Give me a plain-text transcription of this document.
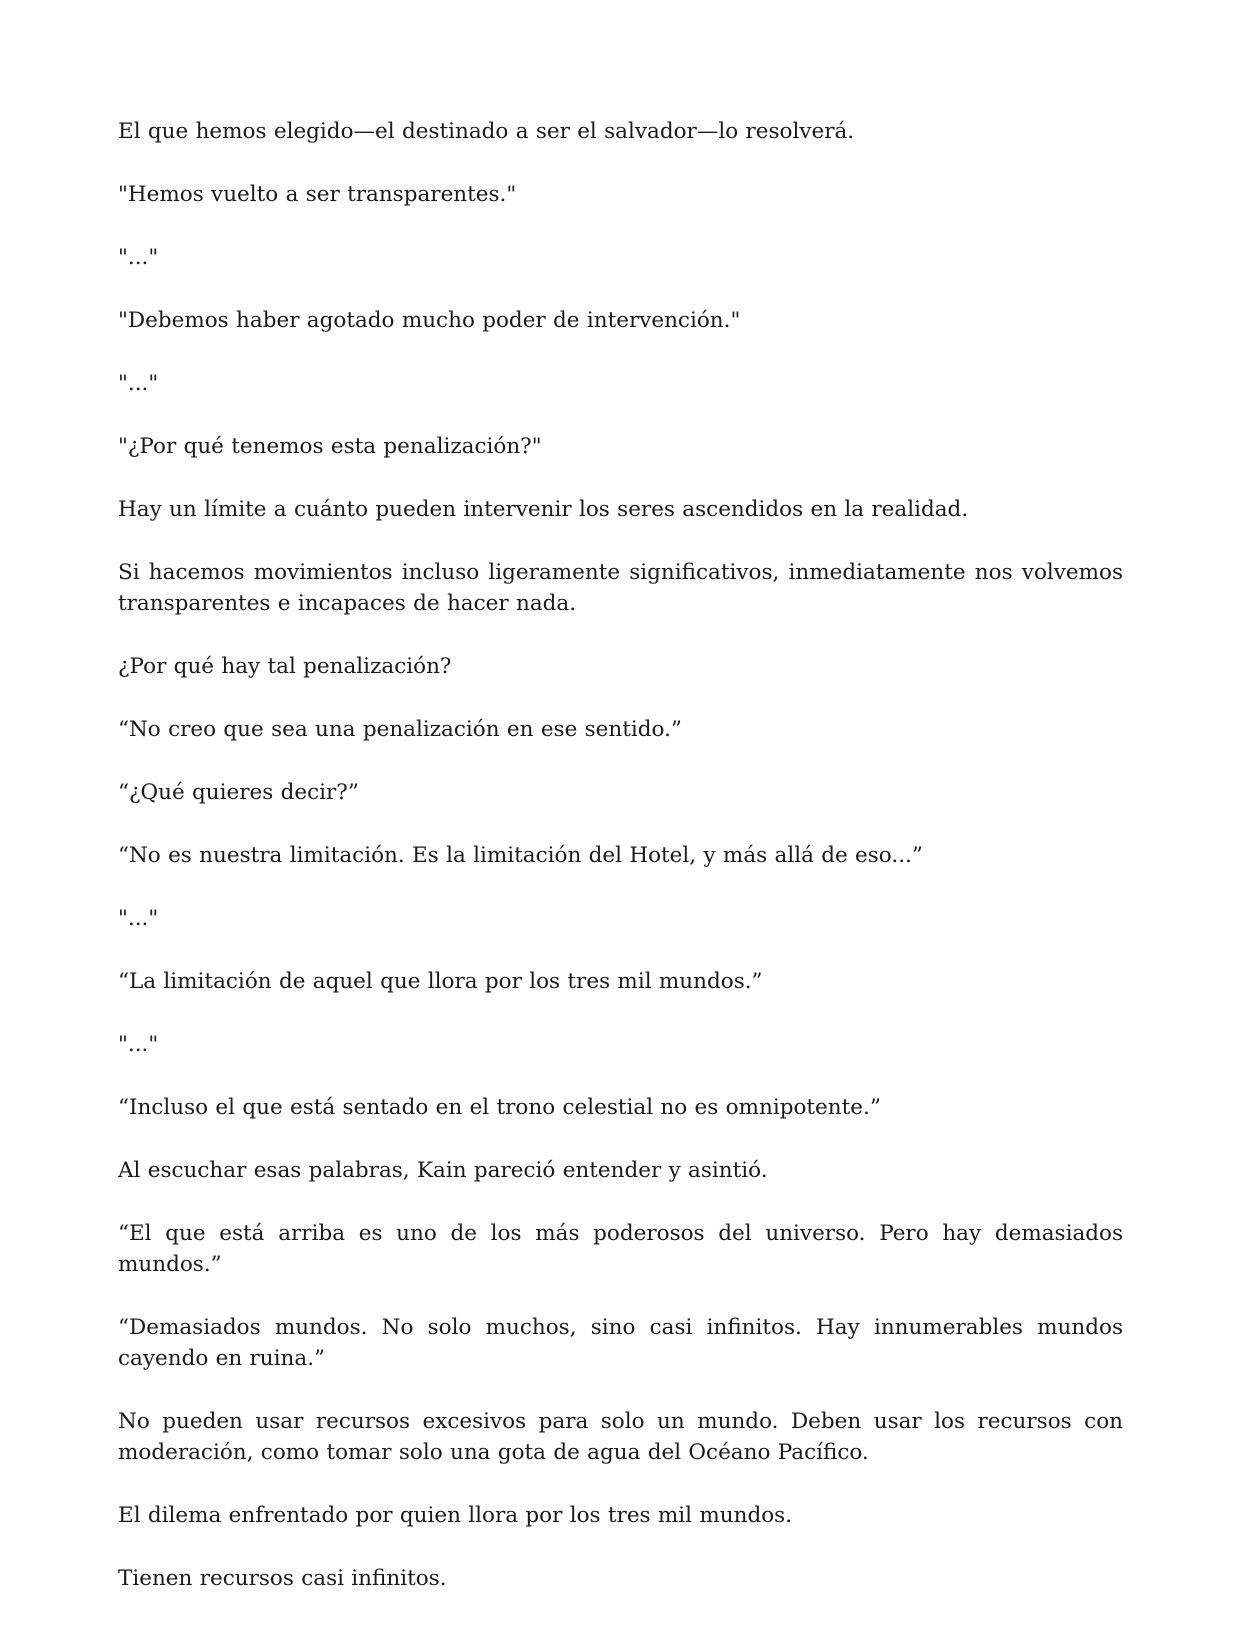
El que hemos elegido—el destinado a ser el salvador—lo resolverá.

"Hemos vuelto a ser transparentes."

"..."

"Debemos haber agotado mucho poder de intervención."

"..."

"¿Por qué tenemos esta penalización?"

Hay un límite a cuánto pueden intervenir los seres ascendidos en la realidad.

Si hacemos movimientos incluso ligeramente significativos, inmediatamente nos volvemos transparentes e incapaces de hacer nada.

¿Por qué hay tal penalización?

“No creo que sea una penalización en ese sentido.”

“¿Qué quieres decir?”

“No es nuestra limitación. Es la limitación del Hotel, y más allá de eso...”

"..."

“La limitación de aquel que llora por los tres mil mundos.”

"..."

“Incluso el que está sentado en el trono celestial no es omnipotente.”

Al escuchar esas palabras, Kain pareció entender y asintió.

“El que está arriba es uno de los más poderosos del universo. Pero hay demasiados mundos.”

“Demasiados mundos. No solo muchos, sino casi infinitos. Hay innumerables mundos cayendo en ruina.”

No pueden usar recursos excesivos para solo un mundo. Deben usar los recursos con moderación, como tomar solo una gota de agua del Océano Pacífico.

El dilema enfrentado por quien llora por los tres mil mundos.

Tienen recursos casi infinitos.
